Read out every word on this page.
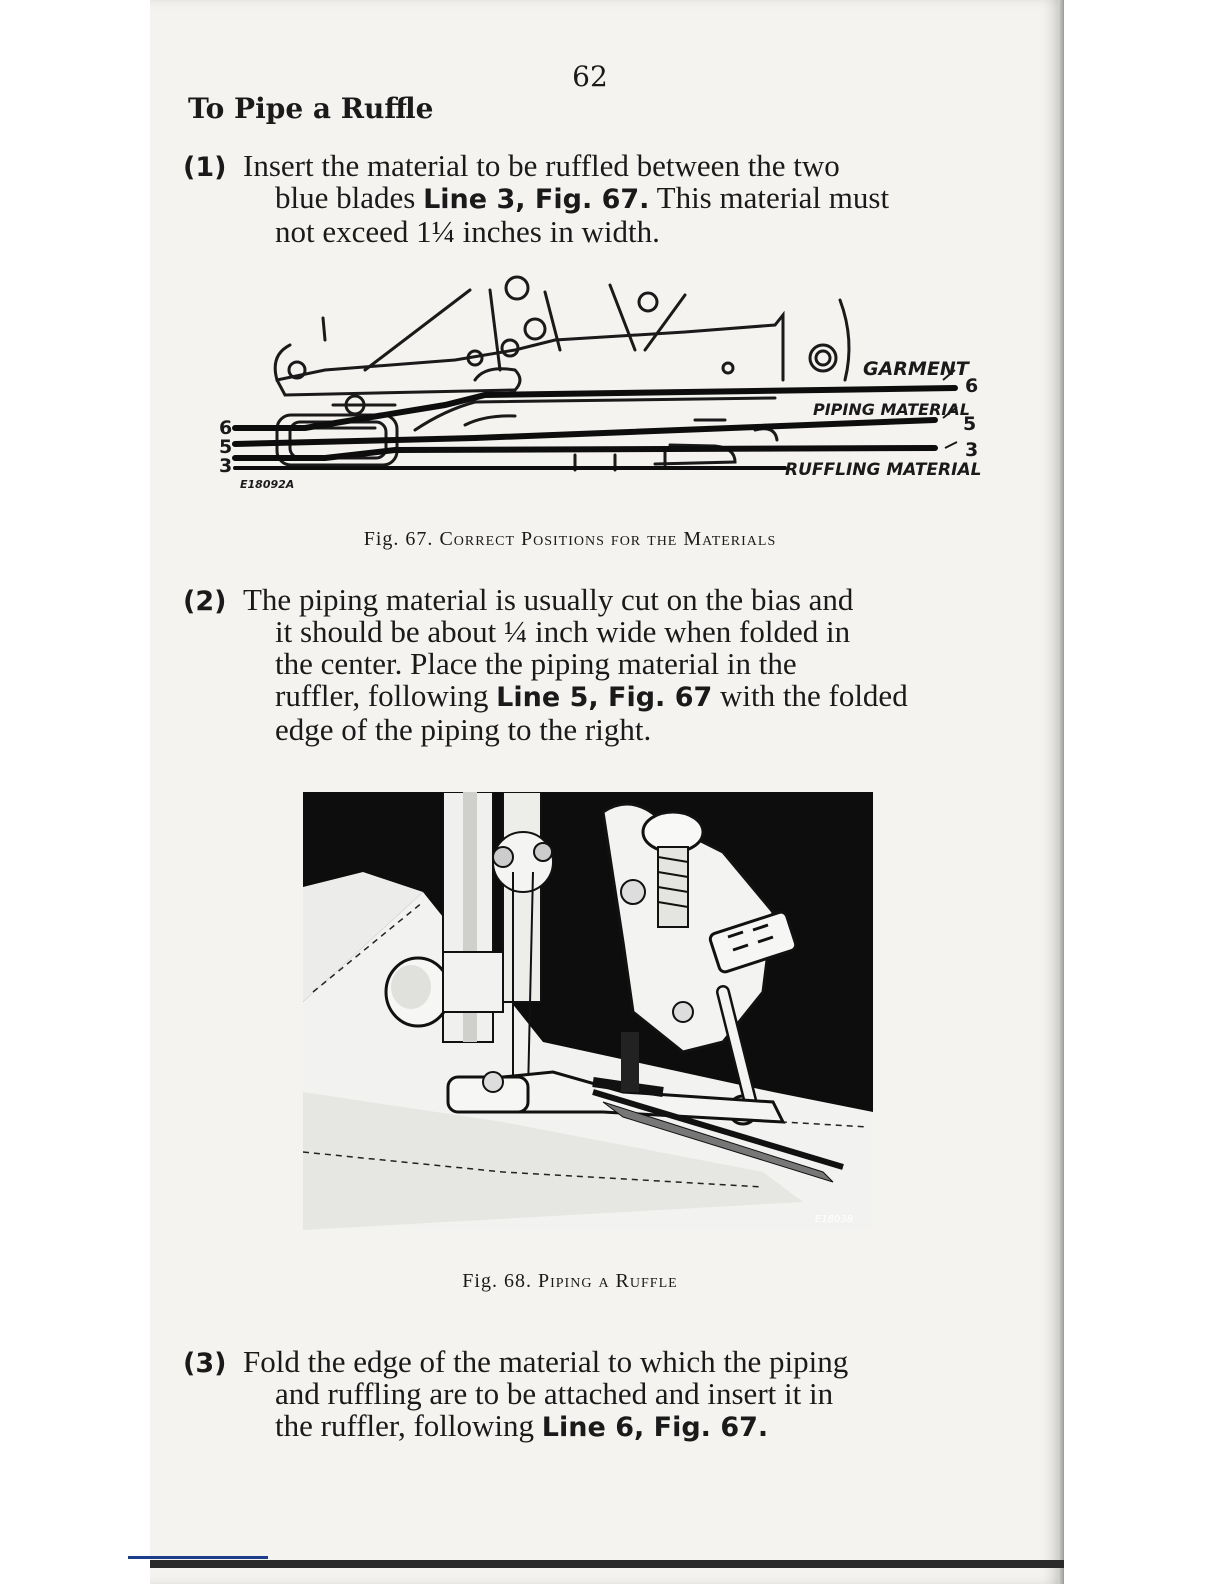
62
To Pipe a Ruffle
(1) Insert the material to be ruffled between the two
blue blades Line 3, Fig. 67. This material must
not exceed 1¼ inches in width.
GARMENT
PIPING MATERIAL
RUFFLING MATERIAL
E18092A
6
5
3
6
5
3
Fig. 67. Correct Positions for the Materials
(2) The piping material is usually cut on the bias and
it should be about ¼ inch wide when folded in
the center. Place the piping material in the
ruffler, following Line 5, Fig. 67 with the folded
edge of the piping to the right.
E18038
Fig. 68. Piping a Ruffle
(3) Fold the edge of the material to which the piping
and ruffling are to be attached and insert it in
the ruffler, following Line 6, Fig. 67.
